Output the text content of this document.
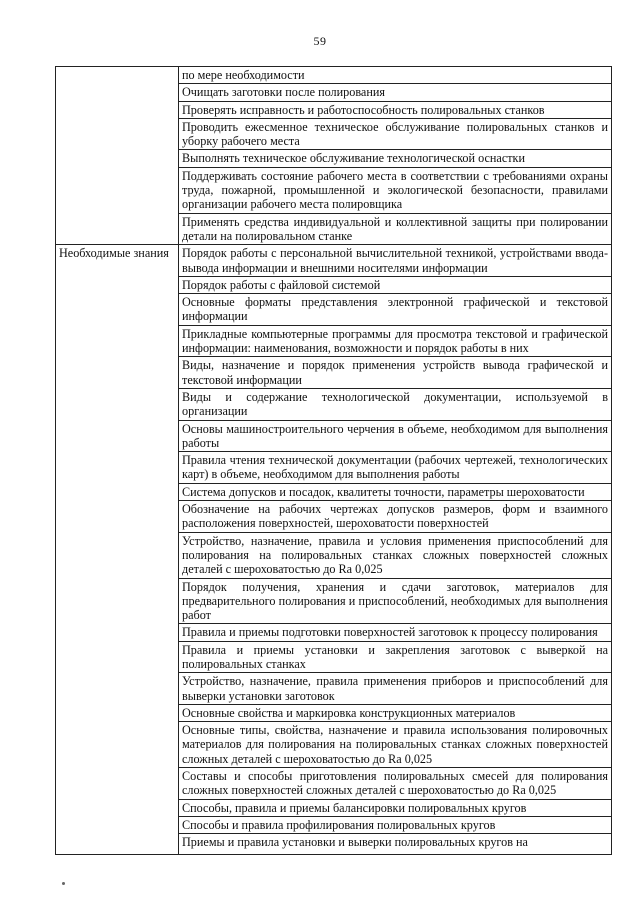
59
	по мере необходимости
	Очищать заготовки после полирования
	Проверять исправность и работоспособность полировальных станков
	Проводить ежесменное техническое обслуживание полировальных станков и уборку рабочего места
	Выполнять техническое обслуживание технологической оснастки
	Поддерживать состояние рабочего места в соответствии с требованиями охраны труда, пожарной, промышленной и экологической безопасности, правилами организации рабочего места полировщика
	Применять средства индивидуальной и коллективной защиты при полировании детали на полировальном станке
Необходимые знания	Порядок работы с персональной вычислительной техникой, устройствами ввода-вывода информации и внешними носителями информации
	Порядок работы с файловой системой
	Основные форматы представления электронной графической и текстовой информации
	Прикладные компьютерные программы для просмотра текстовой и графической информации: наименования, возможности и порядок работы в них
	Виды, назначение и порядок применения устройств вывода графической и текстовой информации
	Виды и содержание технологической документации, используемой в организации
	Основы машиностроительного черчения в объеме, необходимом для выполнения работы
	Правила чтения технической документации (рабочих чертежей, технологических карт) в объеме, необходимом для выполнения работы
	Система допусков и посадок, квалитеты точности, параметры шероховатости
	Обозначение на рабочих чертежах допусков размеров, форм и взаимного расположения поверхностей, шероховатости поверхностей
	Устройство, назначение, правила и условия применения приспособлений для полирования на полировальных станках сложных поверхностей сложных деталей с шероховатостью до Ra 0,025
	Порядок получения, хранения и сдачи заготовок, материалов для предварительного полирования и приспособлений, необходимых для выполнения работ
	Правила и приемы подготовки поверхностей заготовок к процессу полирования
	Правила и приемы установки и закрепления заготовок с выверкой на полировальных станках
	Устройство, назначение, правила применения приборов и приспособлений для выверки установки заготовок
	Основные свойства и маркировка конструкционных материалов
	Основные типы, свойства, назначение и правила использования полировочных материалов для полирования на полировальных станках сложных поверхностей сложных деталей с шероховатостью до Ra 0,025
	Составы и способы приготовления полировальных смесей для полирования сложных поверхностей сложных деталей с шероховатостью до Ra 0,025
	Способы, правила и приемы балансировки полировальных кругов
	Способы и правила профилирования полировальных кругов
	Приемы и правила установки и выверки полировальных кругов на
